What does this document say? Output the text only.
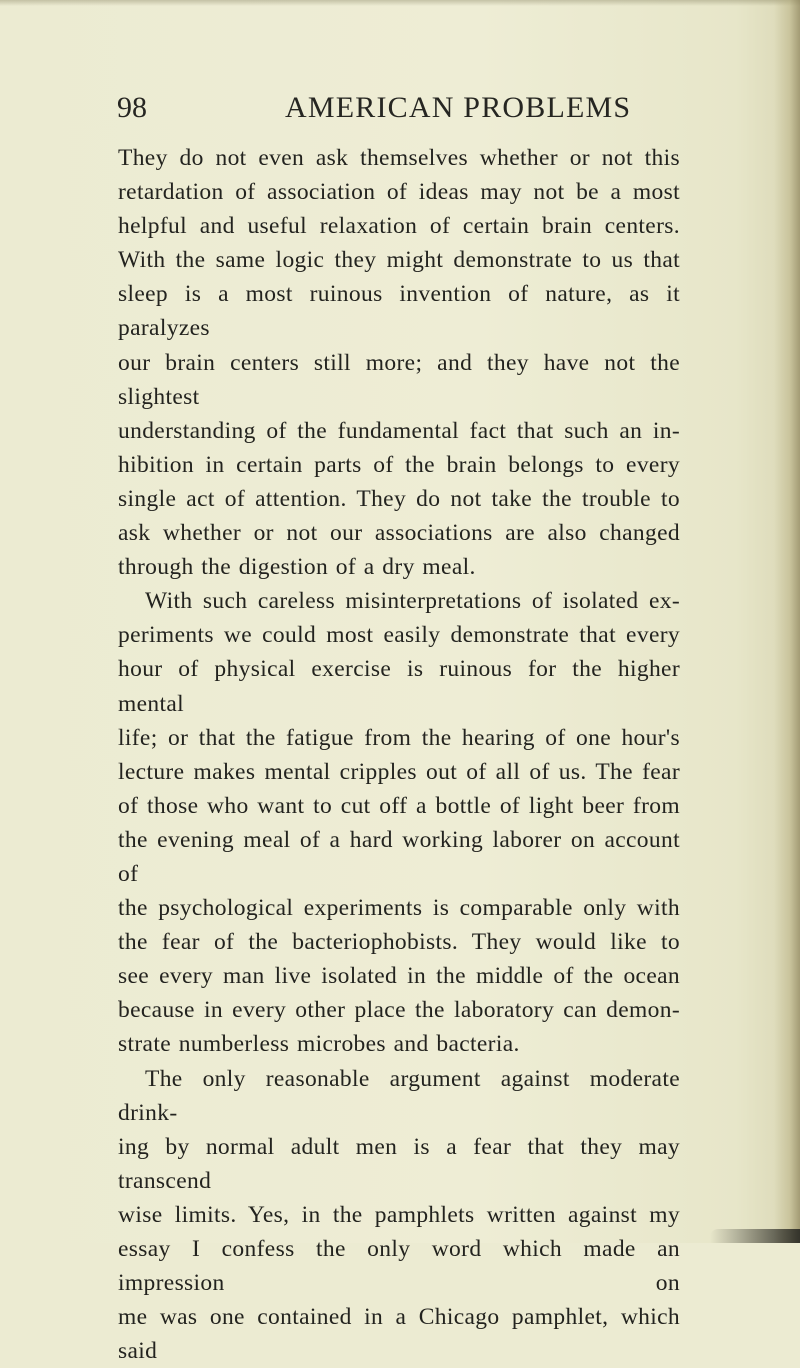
98	AMERICAN PROBLEMS

They do not even ask themselves whether or not this

retardation of association of ideas may not be a most

helpful and useful relaxation of certain brain centers.

With the same logic they might demonstrate to us that

sleep is a most ruinous invention of nature, as it paralyzes

our brain centers still more; and they have not the slightest

understanding of the fundamental fact that such an in-

hibition in certain parts of the brain belongs to every

single act of attention. They do not take the trouble to

ask whether or not our associations are also changed

through the digestion of a dry meal.

With such careless misinterpretations of isolated ex-

periments we could most easily demonstrate that every

hour of physical exercise is ruinous for the higher mental

life; or that the fatigue from the hearing of one hour's

lecture makes mental cripples out of all of us. The fear

of those who want to cut off a bottle of light beer from

the evening meal of a hard working laborer on account of

the psychological experiments is comparable only with

the fear of the bacteriophobists. They would like to

see every man live isolated in the middle of the ocean

because in every other place the laboratory can demon-

strate numberless microbes and bacteria.

The only reasonable argument against moderate drink-

ing by normal adult men is a fear that they may transcend

wise limits. Yes, in the pamphlets written against my

essay I confess the only word which made an impression on

me was one contained in a Chicago pamphlet, which said
